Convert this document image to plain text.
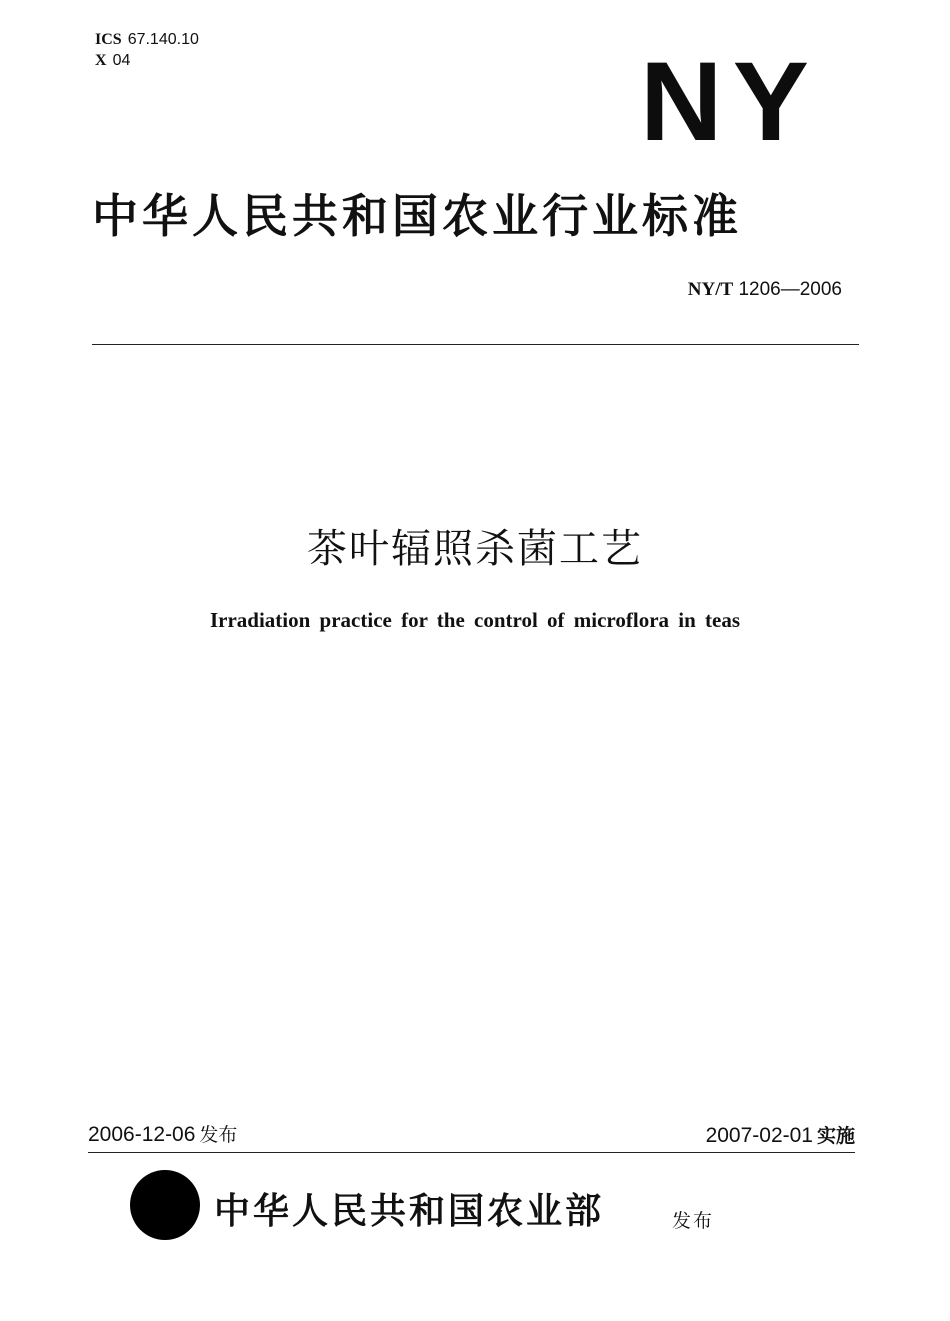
ICS 67.140.10
X 04	NY
中华人民共和国农业行业标准
NY/T 1206—2006
茶叶辐照杀菌工艺
Irradiation practice for the control of microflora in teas
2006-12-06 发布	2007-02-01 实施
中华人民共和国农业部	发布
